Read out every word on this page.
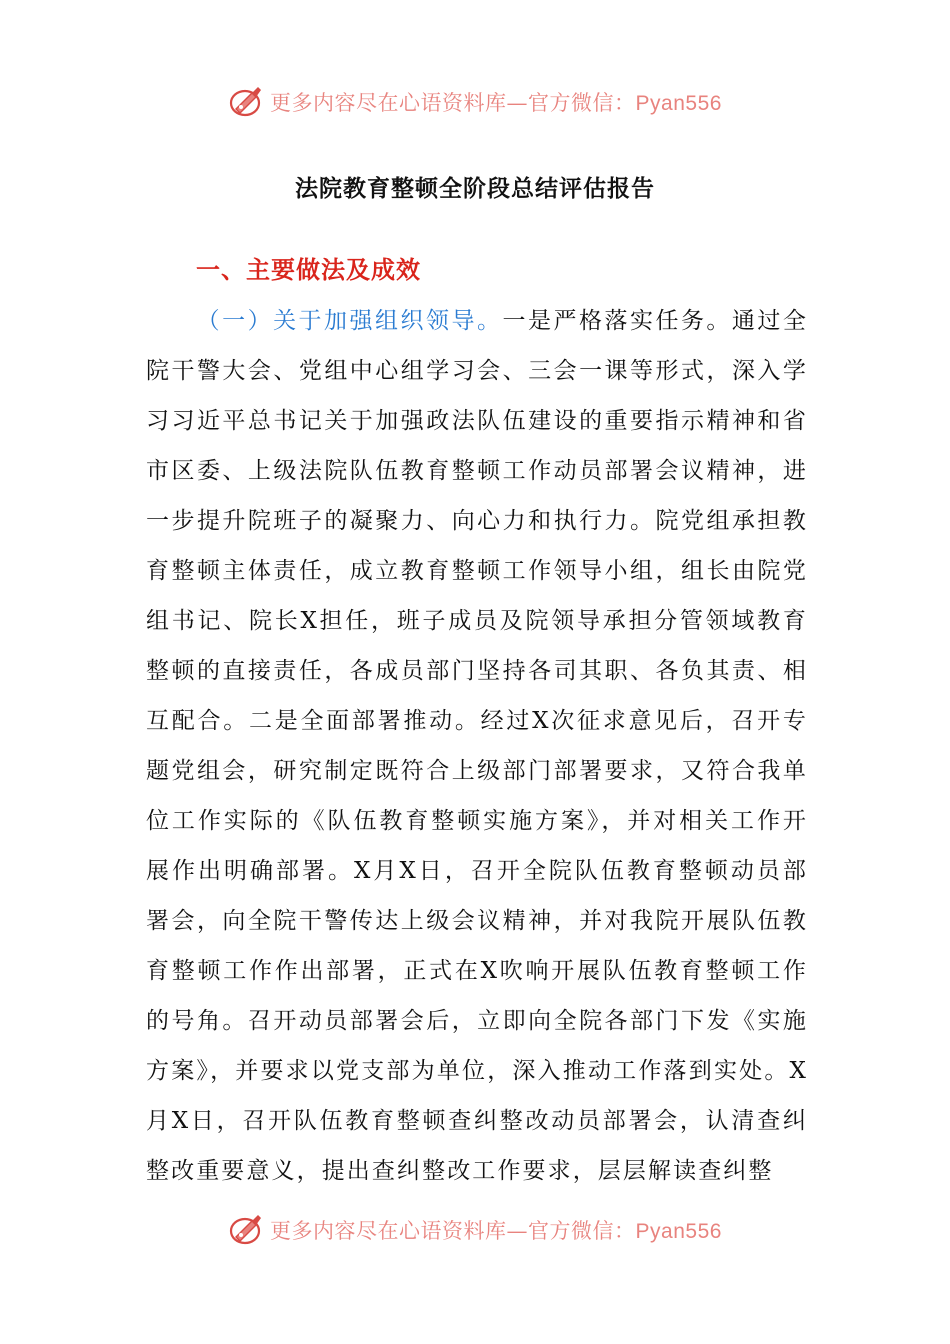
更多内容尽在心语资料库—官方微信：Pyan556
法院教育整顿全阶段总结评估报告
一、主要做法及成效
（一）关于加强组织领导。一是严格落实任务。通过全院干警大会、党组中心组学习会、三会一课等形式，深入学习习近平总书记关于加强政法队伍建设的重要指示精神和省市区委、上级法院队伍教育整顿工作动员部署会议精神，进一步提升院班子的凝聚力、向心力和执行力。院党组承担教育整顿主体责任，成立教育整顿工作领导小组，组长由院党组书记、院长X担任，班子成员及院领导承担分管领域教育整顿的直接责任，各成员部门坚持各司其职、各负其责、相互配合。二是全面部署推动。经过X次征求意见后，召开专题党组会，研究制定既符合上级部门部署要求，又符合我单位工作实际的《队伍教育整顿实施方案》，并对相关工作开展作出明确部署。X月X日，召开全院队伍教育整顿动员部署会，向全院干警传达上级会议精神，并对我院开展队伍教育整顿工作作出部署，正式在X吹响开展队伍教育整顿工作的号角。召开动员部署会后，立即向全院各部门下发《实施方案》，并要求以党支部为单位，深入推动工作落到实处。X月X日，召开队伍教育整顿查纠整改动员部署会，认清查纠整改重要意义，提出查纠整改工作要求，层层解读查纠整
更多内容尽在心语资料库—官方微信：Pyan556
